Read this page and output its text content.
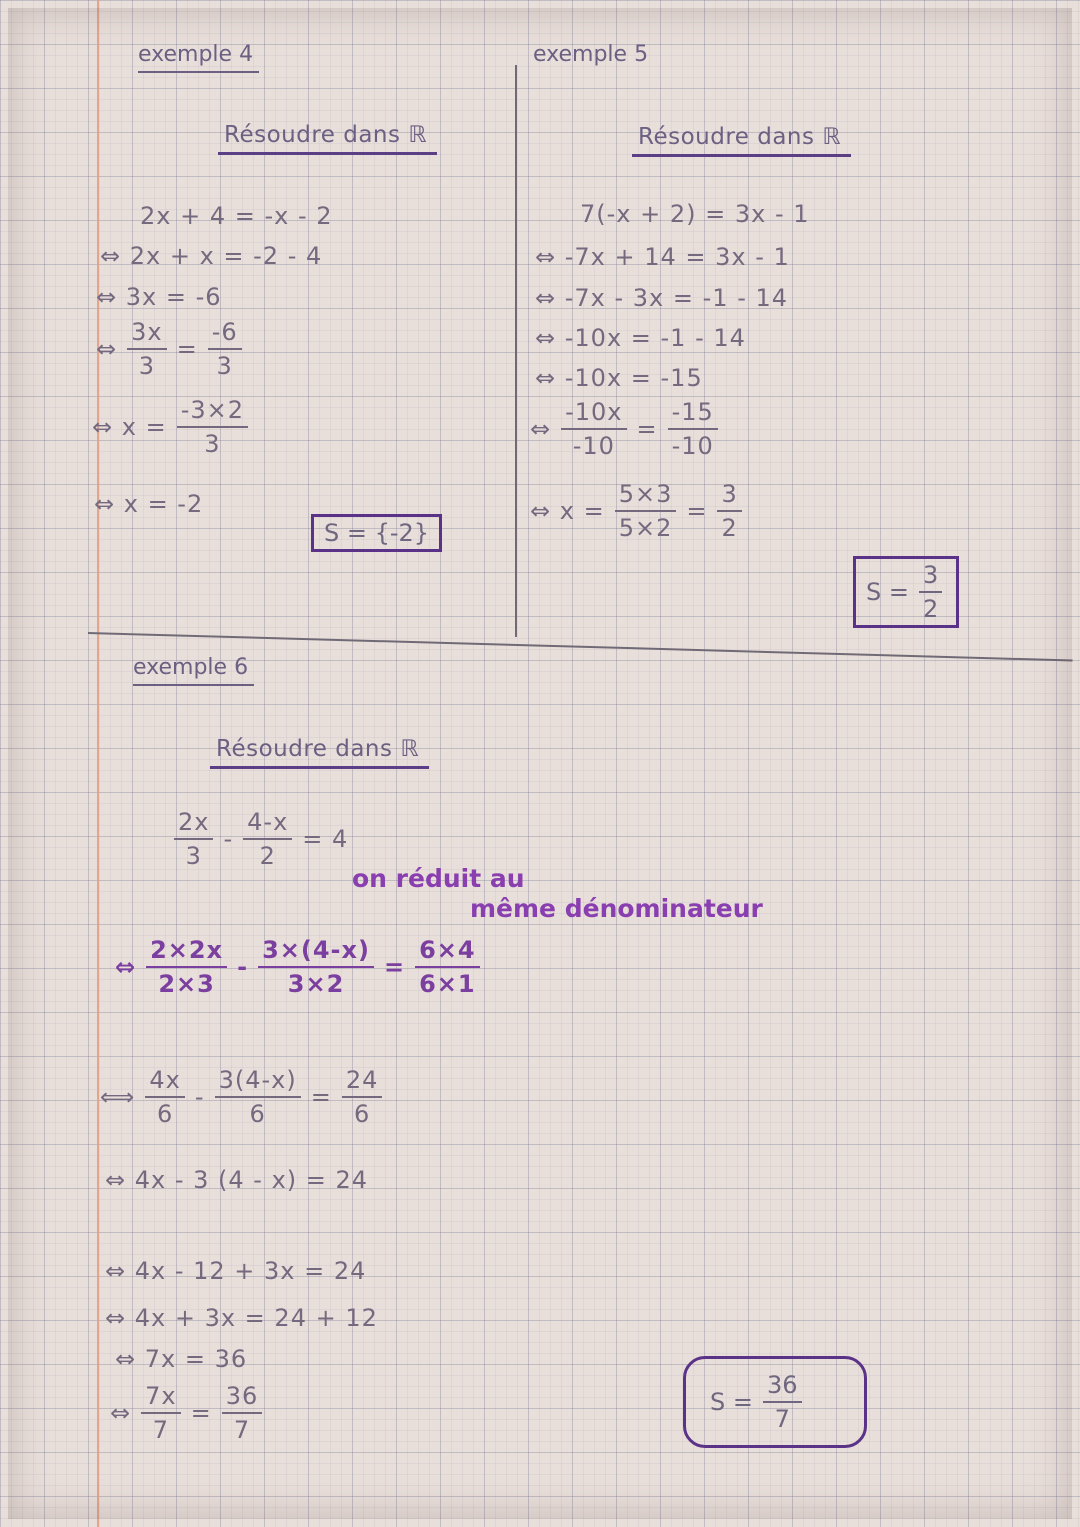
exemple 4
Résoudre dans ℝ
2x + 4 = -x - 2
⇔ 2x + x = -2 - 4
⇔ 3x = -6
⇔ $\frac{3x}{3} = \frac{-6}{3}$
⇔ $x = \frac{-3\times 2}{3}$
⇔ x = -2
S = {-2}
exemple 5
Résoudre dans ℝ
7(-x + 2) = 3x - 1
⇔ -7x + 14 = 3x - 1
⇔ -7x - 3x = -1 - 14
⇔ -10x = -1 - 14
⇔ -10x = -15
⇔ $\frac{-10x}{-10} = \frac{-15}{-10}$
⇔ $x = \frac{5\times 3}{5\times 2} = \frac{3}{2}$
$S = \frac{3}{2}$
exemple 6
Résoudre dans ℝ
$\frac{2x}{3} - \frac{4-x}{2} = 4$
on réduit au
même dénominateur
⇔ $\frac{2\times 2x}{2\times 3} - \frac{3\times(4-x)}{3\times 2} = \frac{6\times 4}{6\times 1}$
⟺ $\frac{4x}{6} - \frac{3(4-x)}{6} = \frac{24}{6}$
⇔ 4x - 3 (4 - x) = 24
⇔ 4x - 12 + 3x = 24
⇔ 4x + 3x = 24 + 12
⇔ 7x = 36
⇔ $\frac{7x}{7} = \frac{36}{7}$	$S = \frac{36}{7}$
